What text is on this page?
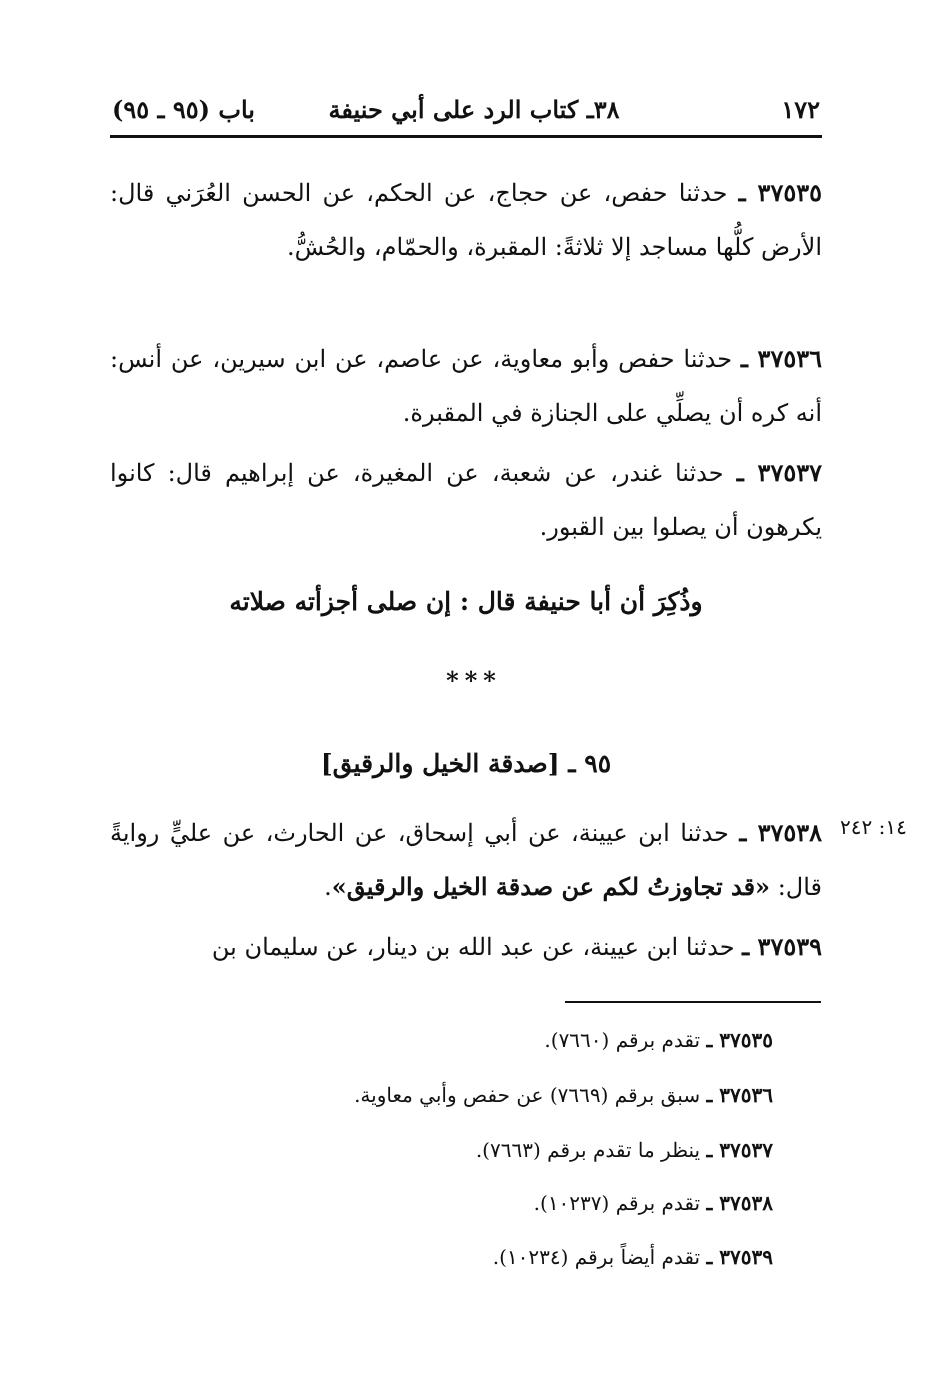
١٧٢
٣٨ـ كتاب الرد على أبي حنيفة
باب (٩٥ ـ ٩٥)
٣٧٥٣٥ ـ حدثنا حفص، عن حجاج، عن الحكم، عن الحسن العُرَني قال: الأرض كلُّها مساجد إلا ثلاثةً: المقبرة، والحمّام، والحُشُّ.
٣٧٥٣٦ ـ حدثنا حفص وأبو معاوية، عن عاصم، عن ابن سيرين، عن أنس: أنه كره أن يصلِّي على الجنازة في المقبرة.
٣٧٥٣٧ ـ حدثنا غندر، عن شعبة، عن المغيرة، عن إبراهيم قال: كانوا يكرهون أن يصلوا بين القبور.
وذُكِرَ أن أبا حنيفة قال : إن صلى أجزأته صلاته
***
٩٥ ـ [صدقة الخيل والرقيق]
١٤: ٢٤٢
٣٧٥٣٨ ـ حدثنا ابن عيينة، عن أبي إسحاق، عن الحارث، عن عليٍّ روايةً قال: «قد تجاوزتُ لكم عن صدقة الخيل والرقيق».
٣٧٥٣٩ ـ حدثنا ابن عيينة، عن عبد الله بن دينار، عن سليمان بن
٣٧٥٣٥ ـ تقدم برقم (٧٦٦٠).
٣٧٥٣٦ ـ سبق برقم (٧٦٦٩) عن حفص وأبي معاوية.
٣٧٥٣٧ ـ ينظر ما تقدم برقم (٧٦٦٣).
٣٧٥٣٨ ـ تقدم برقم (١٠٢٣٧).
٣٧٥٣٩ ـ تقدم أيضاً برقم (١٠٢٣٤).
